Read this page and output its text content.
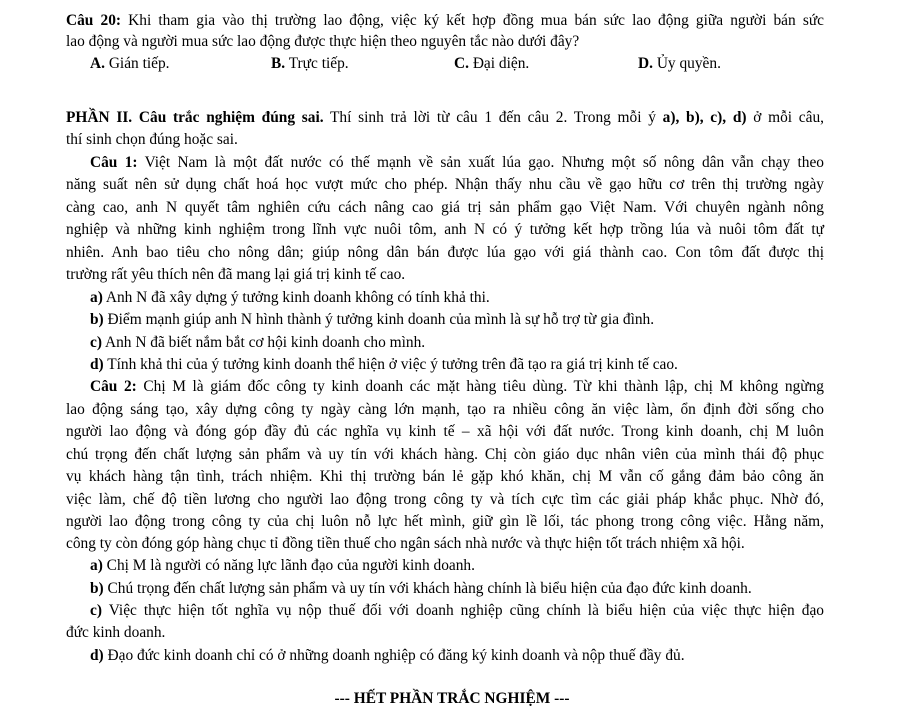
Câu 20: Khi tham gia vào thị trường lao động, việc ký kết hợp đồng mua bán sức lao động giữa người bán sức
lao động và người mua sức lao động được thực hiện theo nguyên tắc nào dưới đây?
A. Gián tiếp.	B. Trực tiếp.	C. Đại diện.	D. Ủy quyền.
PHẦN II. Câu trắc nghiệm đúng sai. Thí sinh trả lời từ câu 1 đến câu 2. Trong mỗi ý a), b), c), d) ở mỗi câu,
thí sinh chọn đúng hoặc sai.
Câu 1: Việt Nam là một đất nước có thế mạnh về sản xuất lúa gạo. Nhưng một số nông dân vẫn chạy theo
năng suất nên sử dụng chất hoá học vượt mức cho phép. Nhận thấy nhu cầu về gạo hữu cơ trên thị trường ngày
càng cao, anh N quyết tâm nghiên cứu cách nâng cao giá trị sản phẩm gạo Việt Nam. Với chuyên ngành nông
nghiệp và những kinh nghiệm trong lĩnh vực nuôi tôm, anh N có ý tưởng kết hợp trồng lúa và nuôi tôm đất tự
nhiên. Anh bao tiêu cho nông dân; giúp nông dân bán được lúa gạo với giá thành cao. Con tôm đất được thị
trường rất yêu thích nên đã mang lại giá trị kinh tế cao.
a) Anh N đã xây dựng ý tưởng kinh doanh không có tính khả thi.
b) Điểm mạnh giúp anh N hình thành ý tưởng kinh doanh của mình là sự hỗ trợ từ gia đình.
c) Anh N đã biết nắm bắt cơ hội kinh doanh cho mình.
d) Tính khả thi của ý tưởng kinh doanh thể hiện ở việc ý tưởng trên đã tạo ra giá trị kinh tế cao.
Câu 2: Chị M là giám đốc công ty kinh doanh các mặt hàng tiêu dùng. Từ khi thành lập, chị M không ngừng
lao động sáng tạo, xây dựng công ty ngày càng lớn mạnh, tạo ra nhiều công ăn việc làm, ổn định đời sống cho
người lao động và đóng góp đầy đủ các nghĩa vụ kinh tế – xã hội với đất nước. Trong kinh doanh, chị M luôn
chú trọng đến chất lượng sản phẩm và uy tín với khách hàng. Chị còn giáo dục nhân viên của mình thái độ phục
vụ khách hàng tận tình, trách nhiệm. Khi thị trường bán lẻ gặp khó khăn, chị M vẫn cố gắng đảm bảo công ăn
việc làm, chế độ tiền lương cho người lao động trong công ty và tích cực tìm các giải pháp khắc phục. Nhờ đó,
người lao động trong công ty của chị luôn nỗ lực hết mình, giữ gìn lề lối, tác phong trong công việc. Hằng năm,
công ty còn đóng góp hàng chục tỉ đồng tiền thuế cho ngân sách nhà nước và thực hiện tốt trách nhiệm xã hội.
a) Chị M là người có năng lực lãnh đạo của người kinh doanh.
b) Chú trọng đến chất lượng sản phẩm và uy tín với khách hàng chính là biểu hiện của đạo đức kinh doanh.
c) Việc thực hiện tốt nghĩa vụ nộp thuế đối với doanh nghiệp cũng chính là biểu hiện của việc thực hiện đạo
đức kinh doanh.
d) Đạo đức kinh doanh chỉ có ở những doanh nghiệp có đăng ký kinh doanh và nộp thuế đầy đủ.
--- HẾT PHẦN TRẮC NGHIỆM ---
